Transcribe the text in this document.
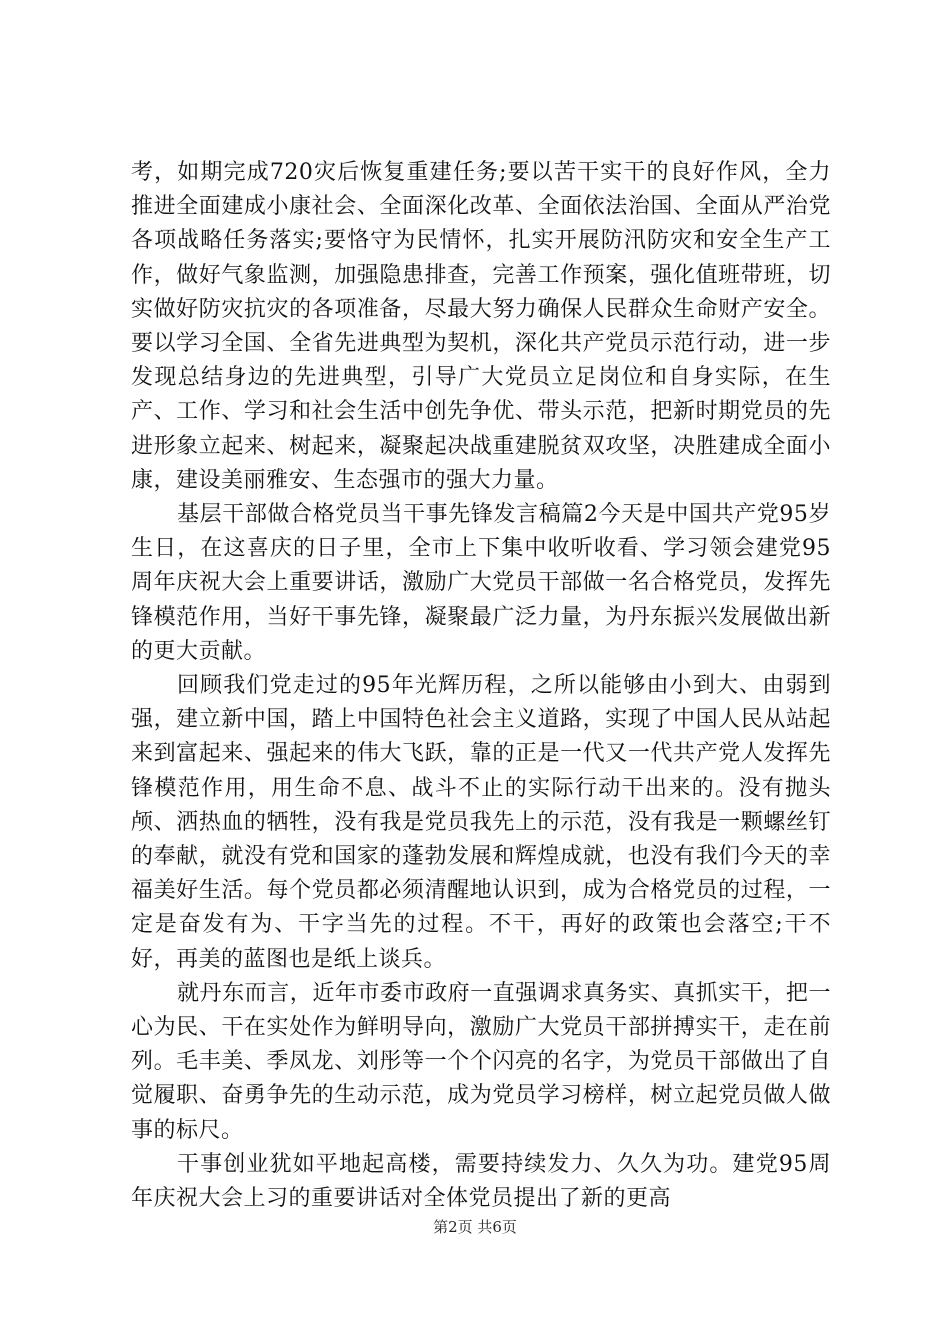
考，如期完成720灾后恢复重建任务;要以苦干实干的良好作风，全力推进全面建成小康社会、全面深化改革、全面依法治国、全面从严治党各项战略任务落实;要恪守为民情怀，扎实开展防汛防灾和安全生产工作，做好气象监测，加强隐患排查，完善工作预案，强化值班带班，切实做好防灾抗灾的各项准备，尽最大努力确保人民群众生命财产安全。要以学习全国、全省先进典型为契机，深化共产党员示范行动，进一步发现总结身边的先进典型，引导广大党员立足岗位和自身实际，在生产、工作、学习和社会生活中创先争优、带头示范，把新时期党员的先进形象立起来、树起来，凝聚起决战重建脱贫双攻坚，决胜建成全面小康，建设美丽雅安、生态强市的强大力量。

基层干部做合格党员当干事先锋发言稿篇2今天是中国共产党95岁生日，在这喜庆的日子里，全市上下集中收听收看、学习领会建党95周年庆祝大会上重要讲话，激励广大党员干部做一名合格党员，发挥先锋模范作用，当好干事先锋，凝聚最广泛力量，为丹东振兴发展做出新的更大贡献。

回顾我们党走过的95年光辉历程，之所以能够由小到大、由弱到强，建立新中国，踏上中国特色社会主义道路，实现了中国人民从站起来到富起来、强起来的伟大飞跃，靠的正是一代又一代共产党人发挥先锋模范作用，用生命不息、战斗不止的实际行动干出来的。没有抛头颅、洒热血的牺牲，没有我是党员我先上的示范，没有我是一颗螺丝钉的奉献，就没有党和国家的蓬勃发展和辉煌成就，也没有我们今天的幸福美好生活。每个党员都必须清醒地认识到，成为合格党员的过程，一定是奋发有为、干字当先的过程。不干，再好的政策也会落空;干不好，再美的蓝图也是纸上谈兵。

就丹东而言，近年市委市政府一直强调求真务实、真抓实干，把一心为民、干在实处作为鲜明导向，激励广大党员干部拼搏实干，走在前列。毛丰美、季凤龙、刘彤等一个个闪亮的名字，为党员干部做出了自觉履职、奋勇争先的生动示范，成为党员学习榜样，树立起党员做人做事的标尺。

干事创业犹如平地起高楼，需要持续发力、久久为功。建党95周年庆祝大会上习的重要讲话对全体党员提出了新的更高

第2页 共6页
